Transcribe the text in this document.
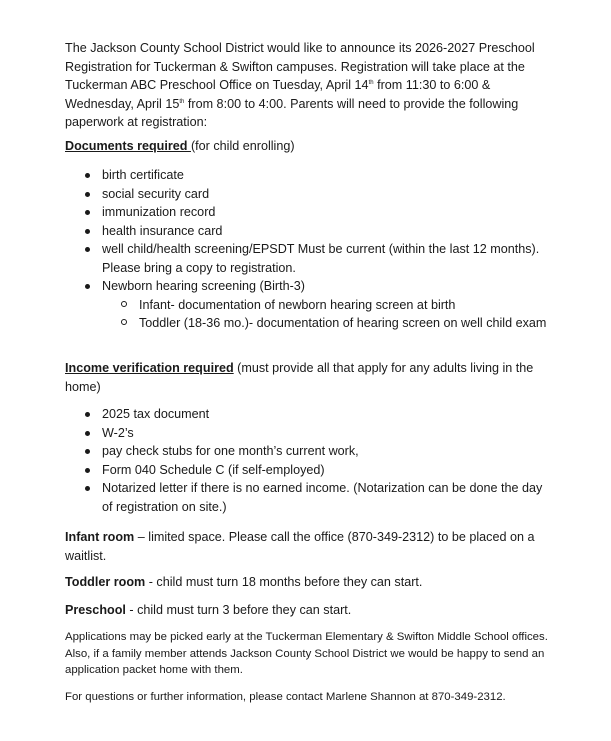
The Jackson County School District would like to announce its 2026-2027 Preschool Registration for Tuckerman & Swifton campuses. Registration will take place at the Tuckerman ABC Preschool Office on Tuesday, April 14th from 11:30 to 6:00 & Wednesday, April 15th from 8:00 to 4:00. Parents will need to provide the following paperwork at registration:

Documents required (for child enrolling)

birth certificate
social security card
immunization record
health insurance card
well child/health screening/EPSDT Must be current (within the last 12 months). Please bring a copy to registration.
Newborn hearing screening (Birth-3)
Infant- documentation of newborn hearing screen at birth
Toddler (18-36 mo.)- documentation of hearing screen on well child exam

Income verification required (must provide all that apply for any adults living in the home)

2025 tax document
W-2’s
pay check stubs for one month’s current work,
Form 040 Schedule C (if self-employed)
Notarized letter if there is no earned income. (Notarization can be done the day of registration on site.)

Infant room – limited space. Please call the office (870-349-2312) to be placed on a waitlist.

Toddler room - child must turn 18 months before they can start.

Preschool - child must turn 3 before they can start.

Applications may be picked early at the Tuckerman Elementary & Swifton Middle School offices. Also, if a family member attends Jackson County School District we would be happy to send an application packet home with them.

For questions or further information, please contact Marlene Shannon at 870-349-2312.
